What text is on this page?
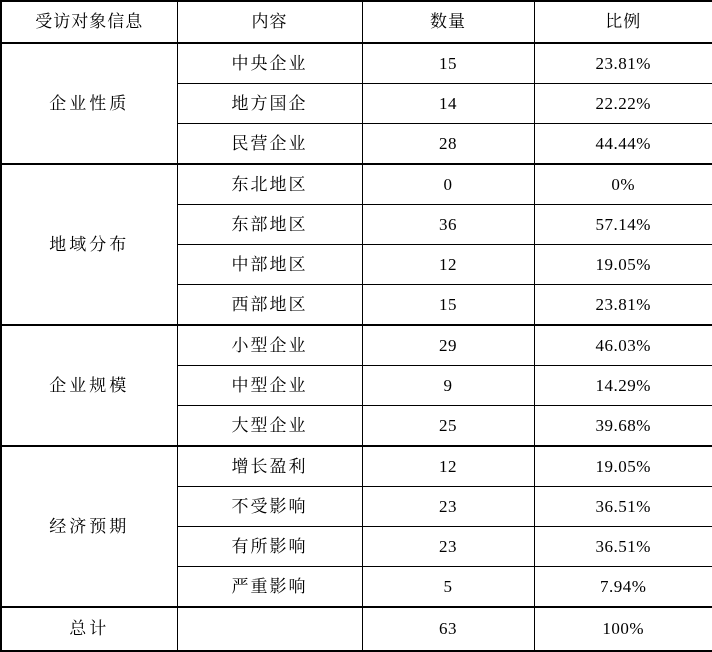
受访对象信息	内容	数量	比例
企业性质	中央企业	15	23.81%
	地方国企	14	22.22%
	民营企业	28	44.44%
地域分布	东北地区	0	0%
	东部地区	36	57.14%
	中部地区	12	19.05%
	西部地区	15	23.81%
企业规模	小型企业	29	46.03%
	中型企业	9	14.29%
	大型企业	25	39.68%
经济预期	增长盈利	12	19.05%
	不受影响	23	36.51%
	有所影响	23	36.51%
	严重影响	5	7.94%
总计		63	100%
